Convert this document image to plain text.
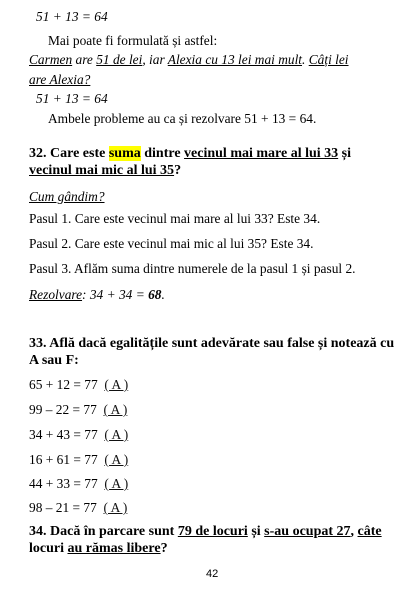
51 + 13 = 64
Mai poate fi formulată și astfel:
Carmen are 51 de lei, iar Alexia cu 13 lei mai mult. Câți lei
are Alexia?
51 + 13 = 64
Ambele probleme au ca și rezolvare 51 + 13 = 64.
32. Care este suma dintre vecinul mai mare al lui 33 și
vecinul mai mic al lui 35?
Cum gândim?
Pasul 1. Care este vecinul mai mare al lui 33? Este 34.
Pasul 2. Care este vecinul mai mic al lui 35? Este 34.
Pasul 3. Aflăm suma dintre numerele de la pasul 1 și pasul 2.
Rezolvare: 34 + 34 = 68.
33. Află dacă egalitățile sunt adevărate sau false și notează cu
A sau F:
65 + 12 = 77 ( A )
99 – 22 = 77 ( A )
34 + 43 = 77 ( A )
16 + 61 = 77 ( A )
44 + 33 = 77 ( A )
98 – 21 = 77 ( A )
34. Dacă în parcare sunt 79 de locuri și s-au ocupat 27, câte
locuri au rămas libere?
42
